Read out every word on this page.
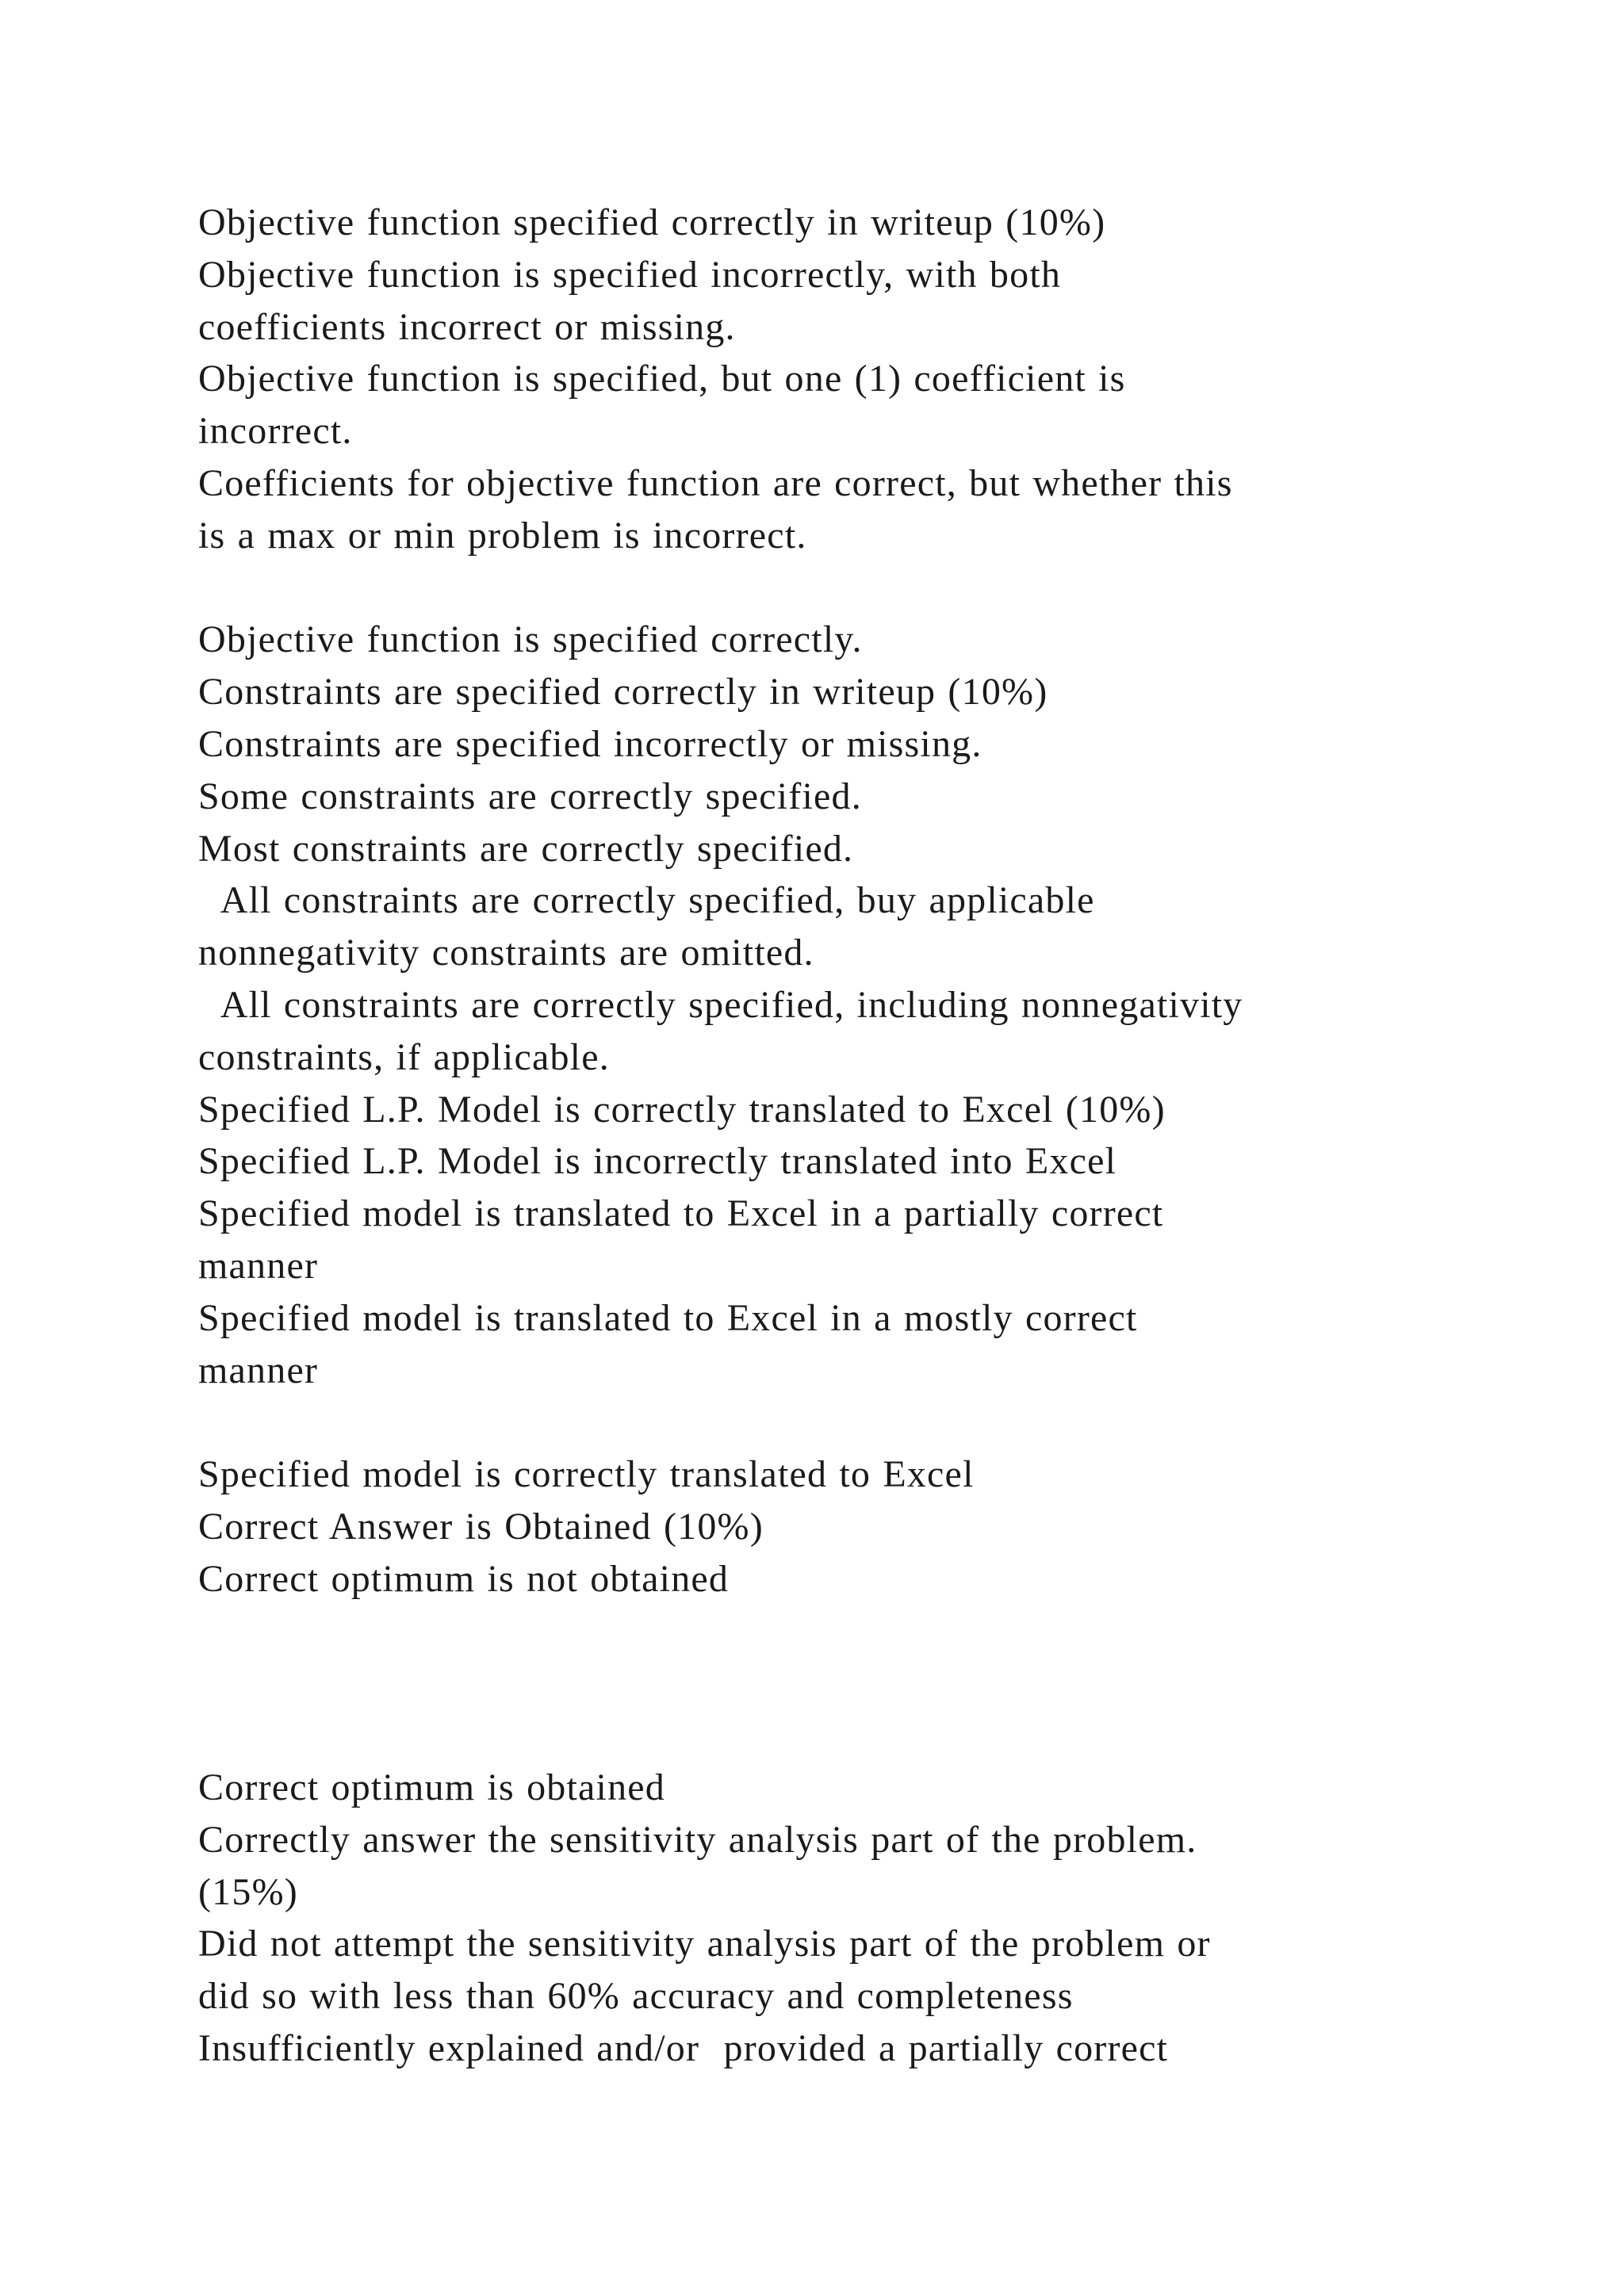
Objective function specified correctly in writeup (10%)
Objective function is specified incorrectly, with both
coefficients incorrect or missing.
Objective function is specified, but one (1) coefficient is
incorrect.
Coefficients for objective function are correct, but whether this
is a max or min problem is incorrect.
Objective function is specified correctly.
Constraints are specified correctly in writeup (10%)
Constraints are specified incorrectly or missing.
Some constraints are correctly specified.
Most constraints are correctly specified.
All constraints are correctly specified, buy applicable
nonnegativity constraints are omitted.
All constraints are correctly specified, including nonnegativity
constraints, if applicable.
Specified L.P. Model is correctly translated to Excel (10%)
Specified L.P. Model is incorrectly translated into Excel
Specified model is translated to Excel in a partially correct
manner
Specified model is translated to Excel in a mostly correct
manner
Specified model is correctly translated to Excel
Correct Answer is Obtained (10%)
Correct optimum is not obtained
Correct optimum is obtained
Correctly answer the sensitivity analysis part of the problem.
(15%)
Did not attempt the sensitivity analysis part of the problem or
did so with less than 60% accuracy and completeness
Insufficiently explained and/or  provided a partially correct
